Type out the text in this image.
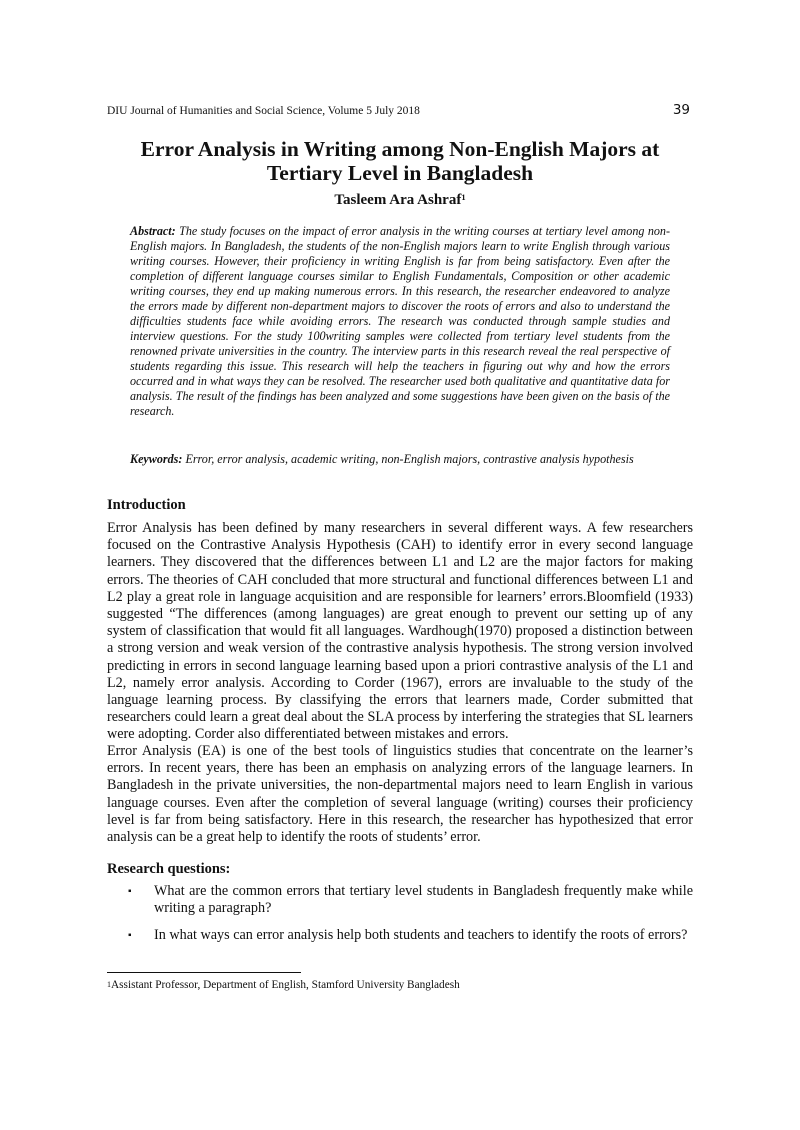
DIU Journal of Humanities and Social Science, Volume 5 July 2018	39
Error Analysis in Writing among Non-English Majors at
Tertiary Level in Bangladesh
Tasleem Ara Ashraf$^1$
Abstract: The study focuses on the impact of error analysis in the writing courses at tertiary level among non-English majors. In Bangladesh, the students of the non-English majors learn to write English through various writing courses. However, their proficiency in writing English is far from being satisfactory. Even after the completion of different language courses similar to English Fundamentals, Composition or other academic writing courses, they end up making numerous errors. In this research, the researcher endeavored to analyze the errors made by different non-department majors to discover the roots of errors and also to understand the difficulties students face while avoiding errors. The research was conducted through sample studies and interview questions. For the study 100writing samples were collected from tertiary level students from the renowned private universities in the country. The interview parts in this research reveal the real perspective of students regarding this issue. This research will help the teachers in figuring out why and how the errors occurred and in what ways they can be resolved. The researcher used both qualitative and quantitative data for analysis. The result of the findings has been analyzed and some suggestions have been given on the basis of the research.
Keywords: Error, error analysis, academic writing, non-English majors, contrastive analysis hypothesis
Introduction
Error Analysis has been defined by many researchers in several different ways. A few researchers focused on the Contrastive Analysis Hypothesis (CAH) to identify error in every second language learners. They discovered that the differences between L1 and L2 are the major factors for making errors. The theories of CAH concluded that more structural and functional differences between L1 and L2 play a great role in language acquisition and are responsible for learners’ errors.Bloomfield (1933) suggested “The differences (among languages) are great enough to prevent our setting up of any system of classification that would fit all languages. Wardhough(1970) proposed a distinction between a strong version and weak version of the contrastive analysis hypothesis. The strong version involved predicting in errors in second language learning based upon a priori contrastive analysis of the L1 and L2, namely error analysis. According to Corder (1967), errors are invaluable to the study of the language learning process. By classifying the errors that learners made, Corder submitted that researchers could learn a great deal about the SLA process by interfering the strategies that SL learners were adopting. Corder also differentiated between mistakes and errors.
Error Analysis (EA) is one of the best tools of linguistics studies that concentrate on the learner’s errors. In recent years, there has been an emphasis on analyzing errors of the language learners. In Bangladesh in the private universities, the non-departmental majors need to learn English in various language courses. Even after the completion of several language (writing) courses their proficiency level is far from being satisfactory. Here in this research, the researcher has hypothesized that error analysis can be a great help to identify the roots of students’ error.
Research questions:
▪ What are the common errors that tertiary level students in Bangladesh frequently make while writing a paragraph?
▪ In what ways can error analysis help both students and teachers to identify the roots of errors?
$^1$Assistant Professor, Department of English, Stamford University Bangladesh
